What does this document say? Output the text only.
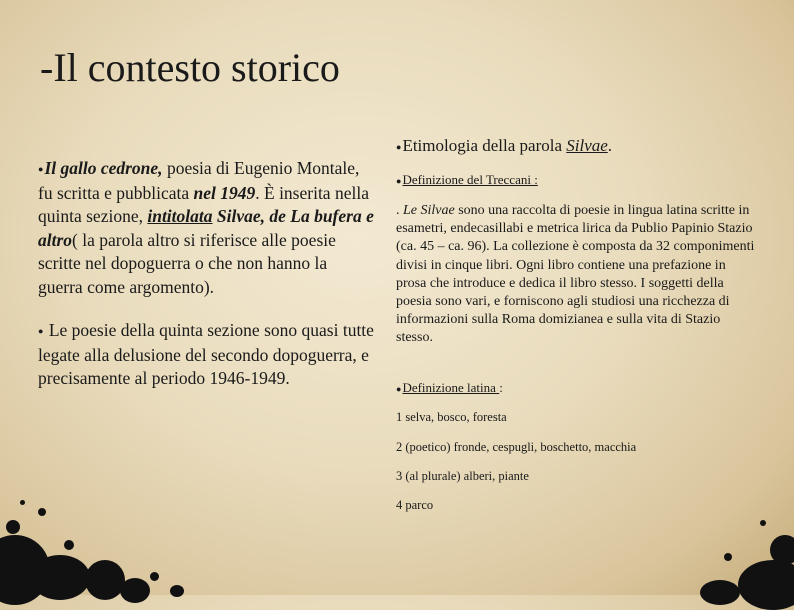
-Il contesto storico

●Il gallo cedrone, poesia di Eugenio Montale, fu scritta e pubblicata nel 1949. È inserita nella quinta sezione, intitolata Silvae, de La bufera e altro( la parola altro si riferisce alle poesie scritte nel dopoguerra o che non hanno la guerra come argomento).

● Le poesie della quinta sezione sono quasi tutte legate alla delusione del secondo dopoguerra, e precisamente al periodo 1946-1949.

●Etimologia della parola Silvae.
●Definizione del Treccani :
. Le Silvae sono una raccolta di poesie in lingua latina scritte in esametri, endecasillabi e metrica lirica da Publio Papinio Stazio (ca. 45 – ca. 96). La collezione è composta da 32 componimenti divisi in cinque libri. Ogni libro contiene una prefazione in prosa che introduce e dedica il libro stesso. I soggetti della poesia sono vari, e forniscono agli studiosi una ricchezza di informazioni sulla Roma domizianea e sulla vita di Stazio stesso.
●Definizione latina :
1 selva, bosco, foresta
2 (poetico) fronde, cespugli, boschetto, macchia
3 (al plurale) alberi, piante
4 parco
